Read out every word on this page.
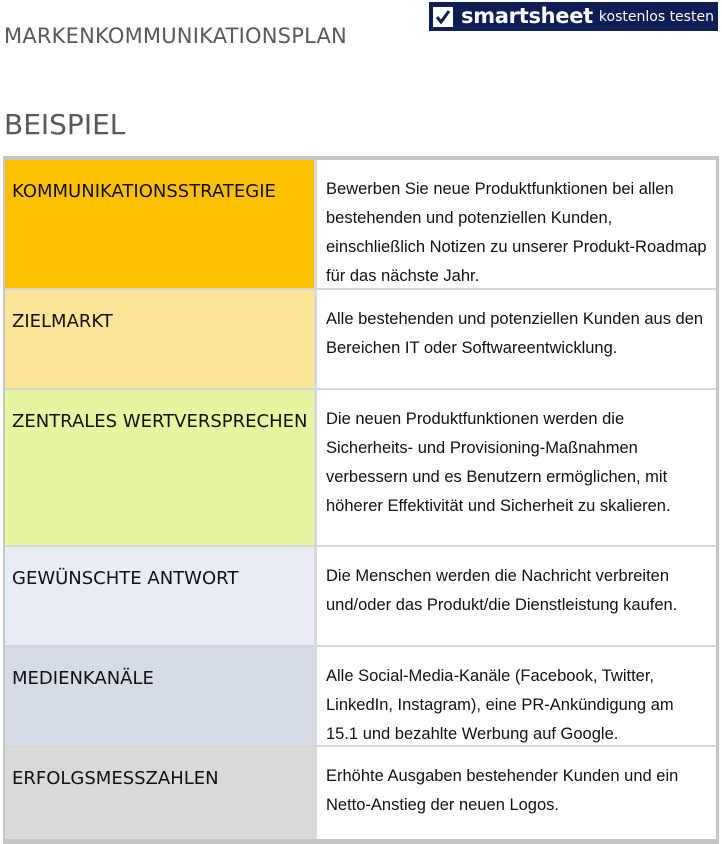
MARKENKOMMUNIKATIONSPLAN
smartsheet kostenlos testen
BEISPIEL
KOMMUNIKATIONSSTRATEGIE	Bewerben Sie neue Produktfunktionen bei allen bestehenden und potenziellen Kunden, einschließlich Notizen zu unserer Produkt-Roadmap für das nächste Jahr.
ZIELMARKT	Alle bestehenden und potenziellen Kunden aus den Bereichen IT oder Softwareentwicklung.
ZENTRALES WERTVERSPRECHEN	Die neuen Produktfunktionen werden die Sicherheits- und Provisioning-Maßnahmen verbessern und es Benutzern ermöglichen, mit höherer Effektivität und Sicherheit zu skalieren.
GEWÜNSCHTE ANTWORT	Die Menschen werden die Nachricht verbreiten und/oder das Produkt/die Dienstleistung kaufen.
MEDIENKANÄLE	Alle Social-Media-Kanäle (Facebook, Twitter, LinkedIn, Instagram), eine PR-Ankündigung am 15.1 und bezahlte Werbung auf Google.
ERFOLGSMESSZAHLEN	Erhöhte Ausgaben bestehender Kunden und ein Netto-Anstieg der neuen Logos.
